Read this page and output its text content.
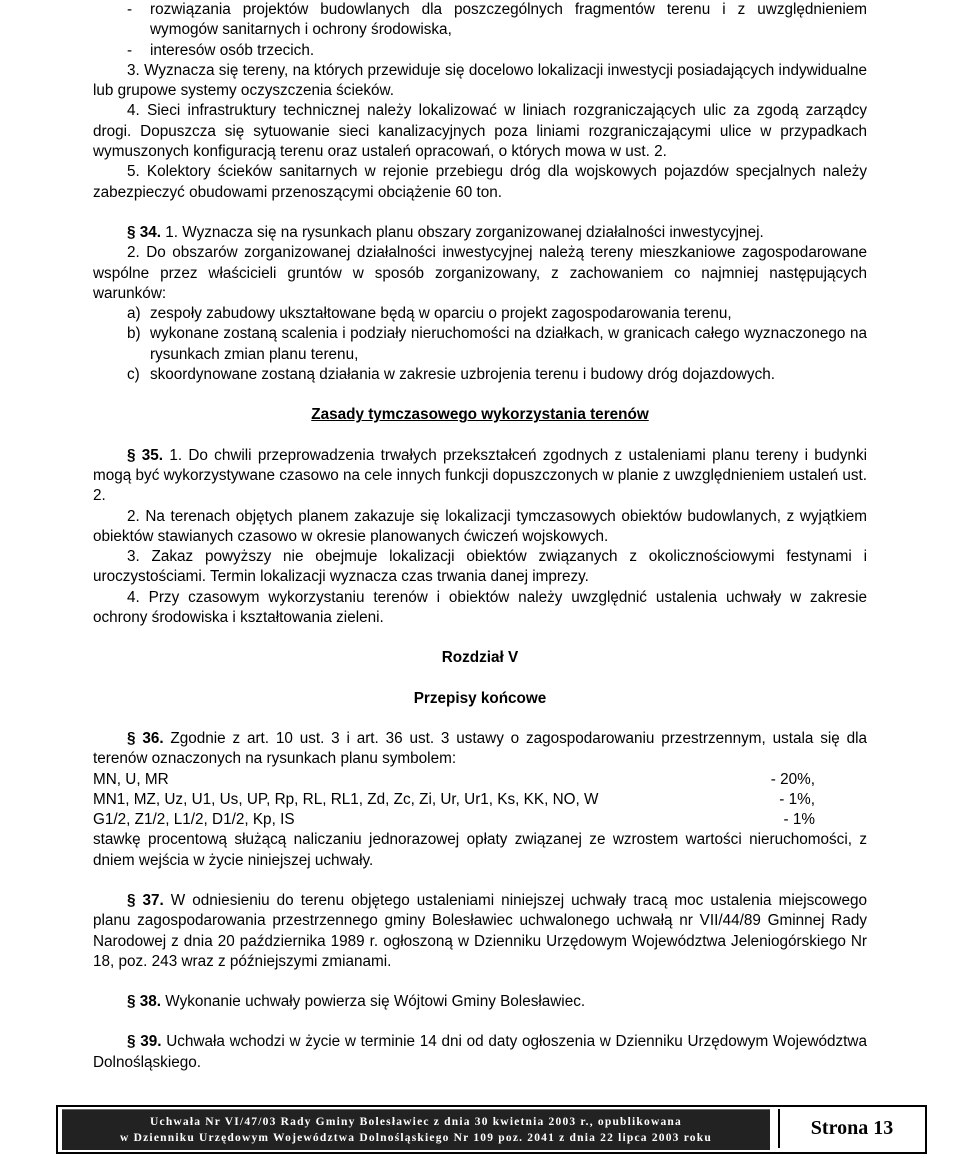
- rozwiązania projektów budowlanych dla poszczególnych fragmentów terenu i z uwzględnieniem wymogów sanitarnych i ochrony środowiska,

- interesów osób trzecich.

3. Wyznacza się tereny, na których przewiduje się docelowo lokalizacji inwestycji posiadających indywidualne lub grupowe systemy oczyszczenia ścieków.

4. Sieci infrastruktury technicznej należy lokalizować w liniach rozgraniczających ulic za zgodą zarządcy drogi. Dopuszcza się sytuowanie sieci kanalizacyjnych poza liniami rozgraniczającymi ulice w przypadkach wymuszonych konfiguracją terenu oraz ustaleń opracowań, o których mowa w ust. 2.

5. Kolektory ścieków sanitarnych w rejonie przebiegu dróg dla wojskowych pojazdów specjalnych należy zabezpieczyć obudowami przenoszącymi obciążenie 60 ton.

§ 34. 1. Wyznacza się na rysunkach planu obszary zorganizowanej działalności inwestycyjnej.

2. Do obszarów zorganizowanej działalności inwestycyjnej należą tereny mieszkaniowe zagospodarowane wspólne przez właścicieli gruntów w sposób zorganizowany, z zachowaniem co najmniej następujących warunków:

a) zespoły zabudowy ukształtowane będą w oparciu o projekt zagospodarowania terenu,

b) wykonane zostaną scalenia i podziały nieruchomości na działkach, w granicach całego wyznaczonego na rysunkach zmian planu terenu,

c) skoordynowane zostaną działania w zakresie uzbrojenia terenu i budowy dróg dojazdowych.

Zasady tymczasowego wykorzystania terenów

§ 35. 1. Do chwili przeprowadzenia trwałych przekształceń zgodnych z ustaleniami planu tereny i budynki mogą być wykorzystywane czasowo na cele innych funkcji dopuszczonych w planie z uwzględnieniem ustaleń ust. 2.

2. Na terenach objętych planem zakazuje się lokalizacji tymczasowych obiektów budowlanych, z wyjątkiem obiektów stawianych czasowo w okresie planowanych ćwiczeń wojskowych.

3. Zakaz powyższy nie obejmuje lokalizacji obiektów związanych z okolicznościowymi festynami i uroczystościami. Termin lokalizacji wyznacza czas trwania danej imprezy.

4. Przy czasowym wykorzystaniu terenów i obiektów należy uwzględnić ustalenia uchwały w zakresie ochrony środowiska i kształtowania zieleni.

Rozdział V

Przepisy końcowe

§ 36. Zgodnie z art. 10 ust. 3 i art. 36 ust. 3 ustawy o zagospodarowaniu przestrzennym, ustala się dla terenów oznaczonych na rysunkach planu symbolem:

MN, U, MR	- 20%,
MN1, MZ, Uz, U1, Us, UP, Rp, RL, RL1, Zd, Zc, Zi, Ur, Ur1, Ks, KK, NO, W	- 1%,
G1/2, Z1/2, L1/2, D1/2, Kp, IS	- 1%

stawkę procentową służącą naliczaniu jednorazowej opłaty związanej ze wzrostem wartości nieruchomości, z dniem wejścia w życie niniejszej uchwały.

§ 37. W odniesieniu do terenu objętego ustaleniami niniejszej uchwały tracą moc ustalenia miejscowego planu zagospodarowania przestrzennego gminy Bolesławiec uchwalonego uchwałą nr VII/44/89 Gminnej Rady Narodowej z dnia 20 października 1989 r. ogłoszoną w Dzienniku Urzędowym Województwa Jeleniogórskiego Nr 18, poz. 243 wraz z późniejszymi zmianami.

§ 38. Wykonanie uchwały powierza się Wójtowi Gminy Bolesławiec.

§ 39. Uchwała wchodzi w życie w terminie 14 dni od daty ogłoszenia w Dzienniku Urzędowym Województwa Dolnośląskiego.

Uchwała Nr VI/47/03 Rady Gminy Bolesławiec z dnia 30 kwietnia 2003 r., opublikowana
w Dzienniku Urzędowym Województwa Dolnośląskiego Nr 109 poz. 2041 z dnia 22 lipca 2003 roku	Strona 13
